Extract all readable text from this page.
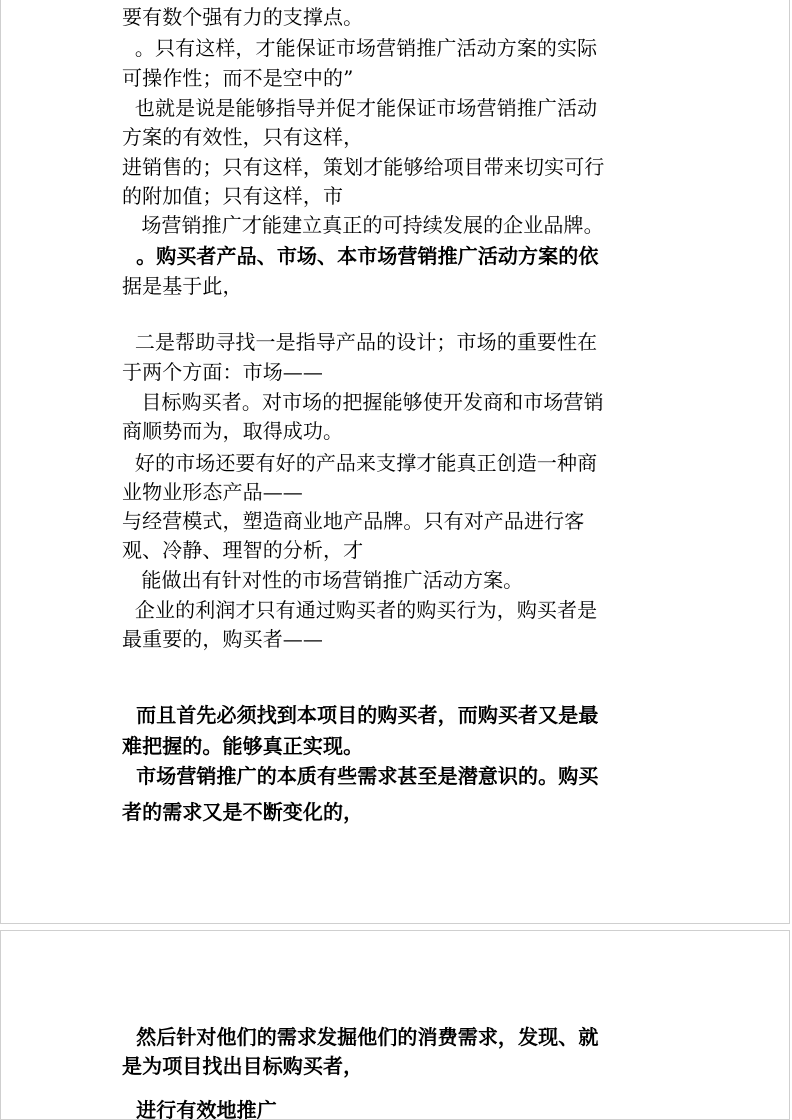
要有数个强有力的支撑点。
。只有这样，才能保证市场营销推广活动方案的实际
可操作性；而不是空中的”
也就是说是能够指导并促才能保证市场营销推广活动
方案的有效性，只有这样，
进销售的；只有这样，策划才能够给项目带来切实可行
的附加值；只有这样，市
场营销推广才能建立真正的可持续发展的企业品牌。
。购买者产品、市场、本市场营销推广活动方案的依
据是基于此，
二是帮助寻找一是指导产品的设计；市场的重要性在
于两个方面：市场——
目标购买者。对市场的把握能够使开发商和市场营销
商顺势而为，取得成功。
好的市场还要有好的产品来支撑才能真正创造一种商
业物业形态产品——
与经营模式，塑造商业地产品牌。只有对产品进行客
观、冷静、理智的分析，才
能做出有针对性的市场营销推广活动方案。
企业的利润才只有通过购买者的购买行为，购买者是
最重要的，购买者——
而且首先必须找到本项目的购买者，而购买者又是最
难把握的。能够真正实现。
市场营销推广的本质有些需求甚至是潜意识的。购买
者的需求又是不断变化的，
然后针对他们的需求发掘他们的消费需求，发现、就
是为项目找出目标购买者，
进行有效地推广
